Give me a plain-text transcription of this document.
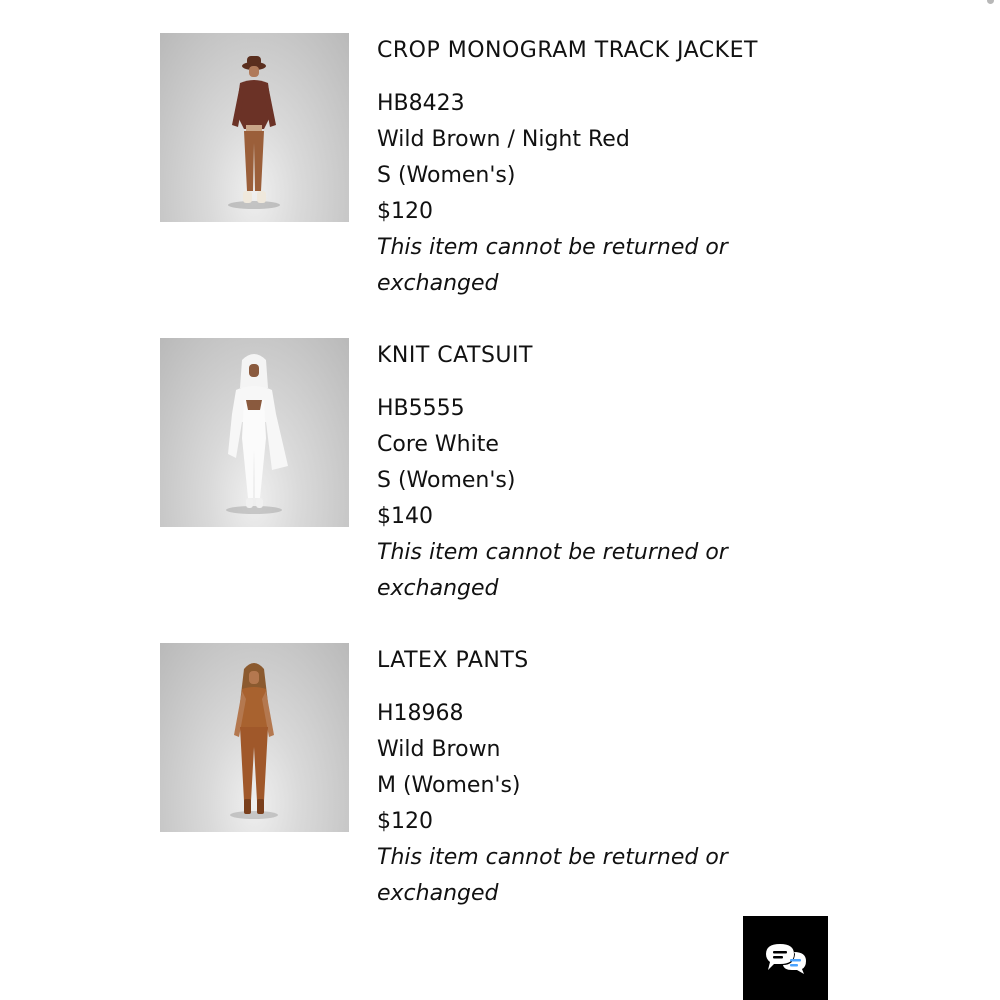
CROP MONOGRAM TRACK JACKET
HB8423
Wild Brown / Night Red
S (Women's)
$120
This item cannot be returned or exchanged
KNIT CATSUIT
HB5555
Core White
S (Women's)
$140
This item cannot be returned or exchanged
LATEX PANTS
H18968
Wild Brown
M (Women's)
$120
This item cannot be returned or exchanged
